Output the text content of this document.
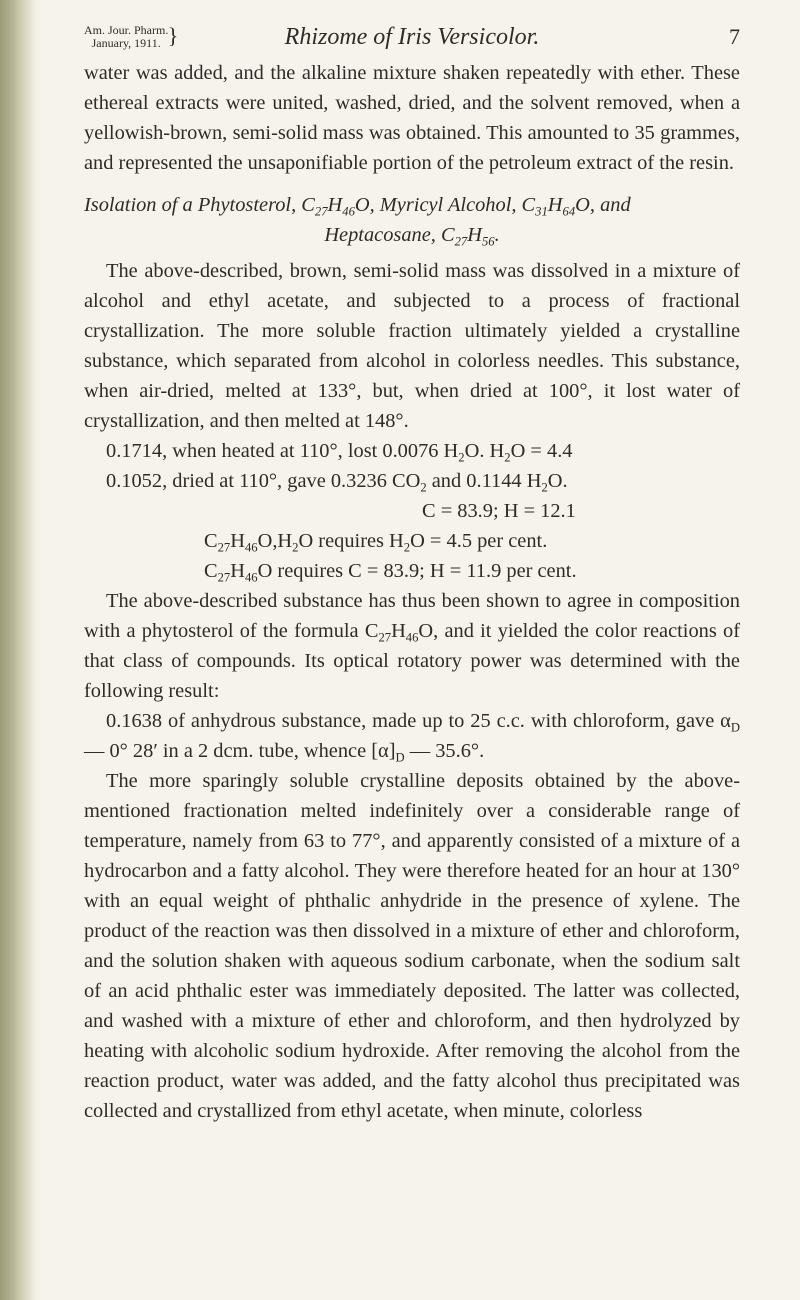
Am. Jour. Pharm.
January, 1911. }	Rhizome of Iris Versicolor.	7

water was added, and the alkaline mixture shaken repeatedly with ether. These ethereal extracts were united, washed, dried, and the solvent removed, when a yellowish-brown, semi-solid mass was obtained. This amounted to 35 grammes, and represented the unsaponifiable portion of the petroleum extract of the resin.

Isolation of a Phytosterol, $C_{27}H_{46}O$, Myricyl Alcohol, $C_{31}H_{64}O$, and
Heptacosane, $C_{27}H_{56}$.

The above-described, brown, semi-solid mass was dissolved in a mixture of alcohol and ethyl acetate, and subjected to a process of fractional crystallization. The more soluble fraction ultimately yielded a crystalline substance, which separated from alcohol in colorless needles. This substance, when air-dried, melted at 133°, but, when dried at 100°, it lost water of crystallization, and then melted at 148°.

0.1714, when heated at 110°, lost 0.0076 $H_2O$. $H_2O = 4.4$
0.1052, dried at 110°, gave 0.3236 $CO_2$ and 0.1144 $H_2O$.
C = 83.9; H = 12.1
$C_{27}H_{46}O,H_2O$ requires $H_2O = 4.5$ per cent.
$C_{27}H_{46}O$ requires C = 83.9; H = 11.9 per cent.

The above-described substance has thus been shown to agree in composition with a phytosterol of the formula $C_{27}H_{46}O$, and it yielded the color reactions of that class of compounds. Its optical rotatory power was determined with the following result:

0.1638 of anhydrous substance, made up to 25 c.c. with chloroform, gave $\alpha_D$ — 0° 28′ in a 2 dcm. tube, whence $[\alpha]_D$ — 35.6°.

The more sparingly soluble crystalline deposits obtained by the above-mentioned fractionation melted indefinitely over a considerable range of temperature, namely from 63 to 77°, and apparently consisted of a mixture of a hydrocarbon and a fatty alcohol. They were therefore heated for an hour at 130° with an equal weight of phthalic anhydride in the presence of xylene. The product of the reaction was then dissolved in a mixture of ether and chloroform, and the solution shaken with aqueous sodium carbonate, when the sodium salt of an acid phthalic ester was immediately deposited. The latter was collected, and washed with a mixture of ether and chloroform, and then hydrolyzed by heating with alcoholic sodium hydroxide. After removing the alcohol from the reaction product, water was added, and the fatty alcohol thus precipitated was collected and crystallized from ethyl acetate, when minute, colorless
